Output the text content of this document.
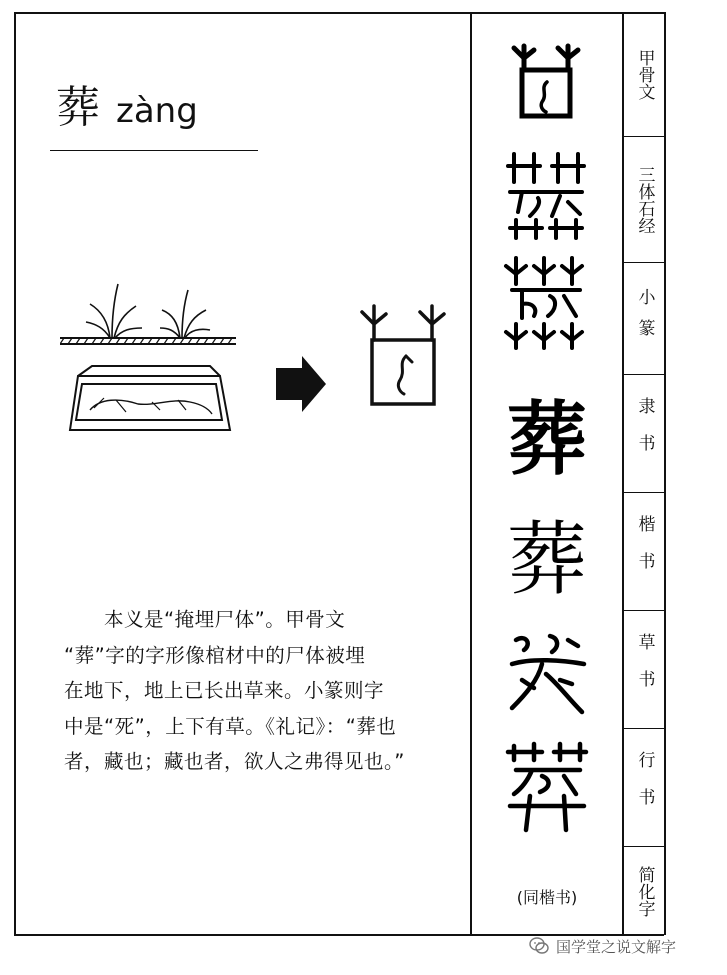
葬 zàng
　　本义是“掩埋尸体”。甲骨文
“葬”字的字形像棺材中的尸体被埋
在地下，地上已长出草来。小篆则字
中是“死”，上下有草。《礼记》：“葬也
者，藏也；藏也者，欲人之弗得见也。”
葬
葬
(同楷书)
甲骨文
三体石经
小篆
隶书
楷书
草书
行书
简化字
国学堂之说文解字
